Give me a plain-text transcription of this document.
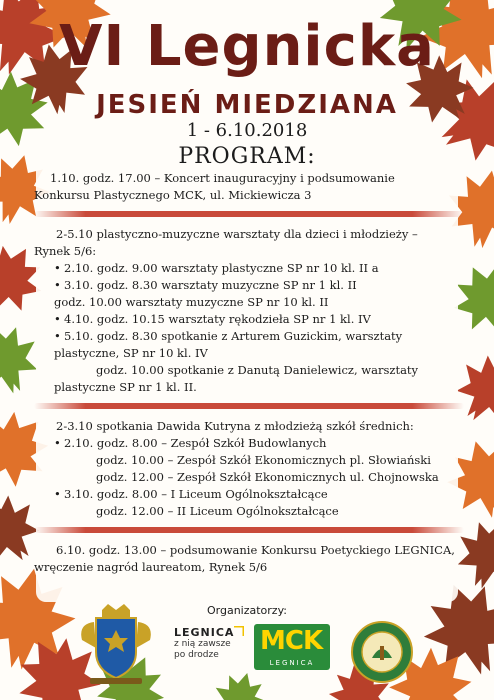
VI Legnicka
JESIEŃ MIEDZIANA
1 - 6.10.2018
PROGRAM:

1.10. godz. 17.00 – Koncert inauguracyjny i podsumowanie

Konkursu Plastycznego MCK, ul. Mickiewicza 3

2-5.10 plastyczno-muzyczne warsztaty dla dzieci i młodzieży –

Rynek 5/6:

• 2.10. godz. 9.00 warsztaty plastyczne SP nr 10 kl. II a
• 3.10. godz. 8.30 warsztaty muzyczne SP nr 1 kl. II
godz. 10.00 warsztaty muzyczne SP nr 10 kl. II
• 4.10. godz. 10.15 warsztaty rękodzieła SP nr 1 kl. IV
• 5.10. godz. 8.30 spotkanie z Arturem Guzickim, warsztaty
plastyczne, SP nr 10 kl. IV
godz. 10.00 spotkanie z Danutą Danielewicz, warsztaty
plastyczne SP nr 1 kl. II.

2-3.10 spotkania Dawida Kutryna z młodzieżą szkół średnich:

• 2.10. godz. 8.00 – Zespół Szkół Budowlanych
godz. 10.00 – Zespół Szkół Ekonomicznych pl. Słowiański
godz. 12.00 – Zespół Szkół Ekonomicznych ul. Chojnowska
• 3.10. godz. 8.00 – I Liceum Ogólnokształcące
godz. 12.00 – II Liceum Ogólnokształcące

6.10. godz. 13.00 – podsumowanie Konkursu Poetyckiego LEGNICA,

wręczenie nagród laureatom, Rynek 5/6

Organizatorzy:
LEGNICA
z nią zawsze
po drodze	MCK
LEGNICA
